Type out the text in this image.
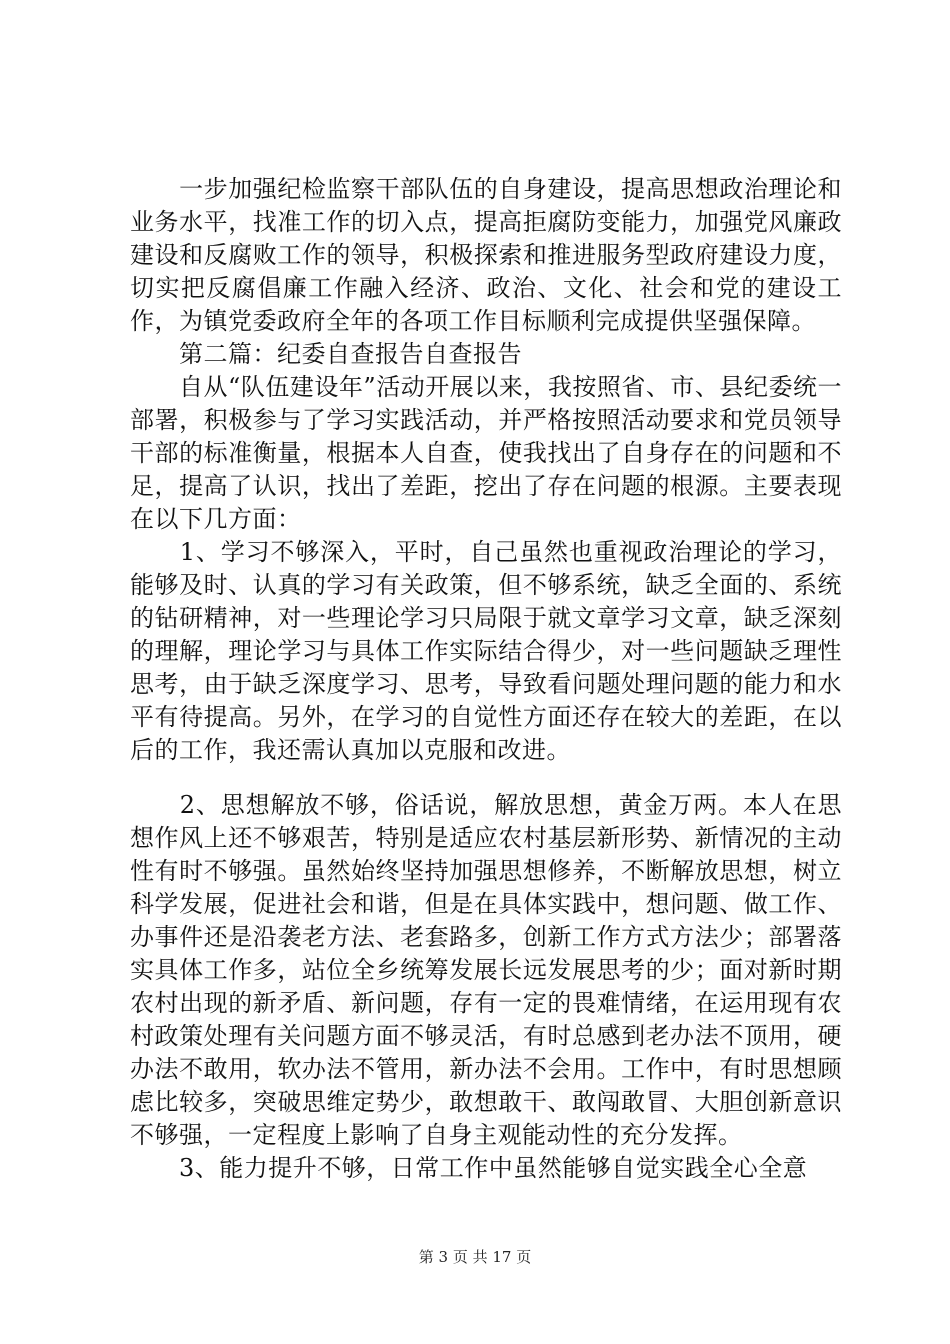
　　一步加强纪检监察干部队伍的自身建设，提高思想政治理论和业务水平，找准工作的切入点，提高拒腐防变能力，加强党风廉政建设和反腐败工作的领导，积极探索和推进服务型政府建设力度，切实把反腐倡廉工作融入经济、政治、文化、社会和党的建设工作，为镇党委政府全年的各项工作目标顺利完成提供坚强保障。

　　第二篇：纪委自查报告自查报告

　　自从“队伍建设年”活动开展以来，我按照省、市、县纪委统一部署，积极参与了学习实践活动，并严格按照活动要求和党员领导干部的标准衡量，根据本人自查，使我找出了自身存在的问题和不足，提高了认识，找出了差距，挖出了存在问题的根源。主要表现在以下几方面：

　　1、学习不够深入，平时，自己虽然也重视政治理论的学习，能够及时、认真的学习有关政策，但不够系统，缺乏全面的、系统的钻研精神，对一些理论学习只局限于就文章学习文章，缺乏深刻的理解，理论学习与具体工作实际结合得少，对一些问题缺乏理性思考，由于缺乏深度学习、思考，导致看问题处理问题的能力和水平有待提高。另外，在学习的自觉性方面还存在较大的差距，在以后的工作，我还需认真加以克服和改进。

　　2、思想解放不够，俗话说，解放思想，黄金万两。本人在思想作风上还不够艰苦，特别是适应农村基层新形势、新情况的主动性有时不够强。虽然始终坚持加强思想修养，不断解放思想，树立科学发展，促进社会和谐，但是在具体实践中，想问题、做工作、办事件还是沿袭老方法、老套路多，创新工作方式方法少；部署落实具体工作多，站位全乡统筹发展长远发展思考的少；面对新时期农村出现的新矛盾、新问题，存有一定的畏难情绪，在运用现有农村政策处理有关问题方面不够灵活，有时总感到老办法不顶用，硬办法不敢用，软办法不管用，新办法不会用。工作中，有时思想顾虑比较多，突破思维定势少，敢想敢干、敢闯敢冒、大胆创新意识不够强，一定程度上影响了自身主观能动性的充分发挥。

　　3、能力提升不够，日常工作中虽然能够自觉实践全心全意

第 3 页 共 17 页
